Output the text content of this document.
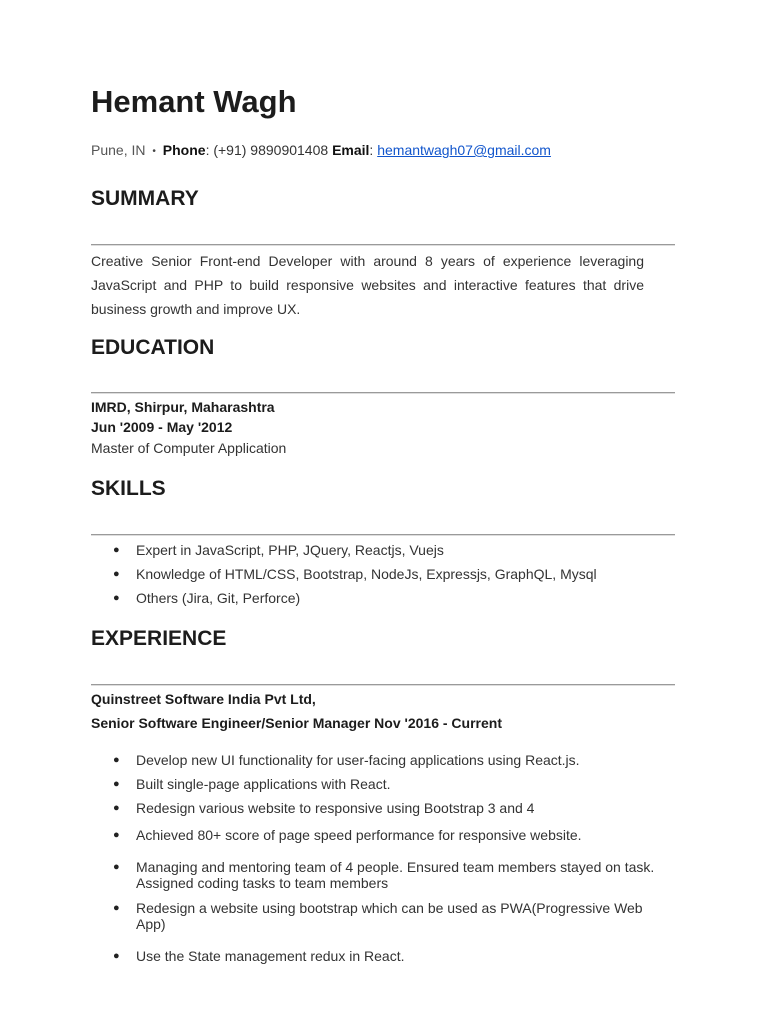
Hemant Wagh
Pune, IN • Phone: (+91) 9890901408 Email: hemantwagh07@gmail.com
SUMMARY

Creative Senior Front-end Developer with around 8 years of experience leveraging JavaScript and PHP to build responsive websites and interactive features that drive business growth and improve UX.

EDUCATION
IMRD, Shirpur, Maharashtra
Jun '2009 - May '2012
Master of Computer Application
SKILLS
● Expert in JavaScript, PHP, JQuery, Reactjs, Vuejs
● Knowledge of HTML/CSS, Bootstrap, NodeJs, Expressjs, GraphQL, Mysql
● Others (Jira, Git, Perforce)
EXPERIENCE
Quinstreet Software India Pvt Ltd,
Senior Software Engineer/Senior Manager Nov '2016 - Current
● Develop new UI functionality for user-facing applications using React.js.
● Built single-page applications with React.
● Redesign various website to responsive using Bootstrap 3 and 4
● Achieved 80+ score of page speed performance for responsive website.
● Managing and mentoring team of 4 people. Ensured team members stayed on task. Assigned coding tasks to team members
● Redesign a website using bootstrap which can be used as PWA(Progressive Web App)
● Use the State management redux in React.
